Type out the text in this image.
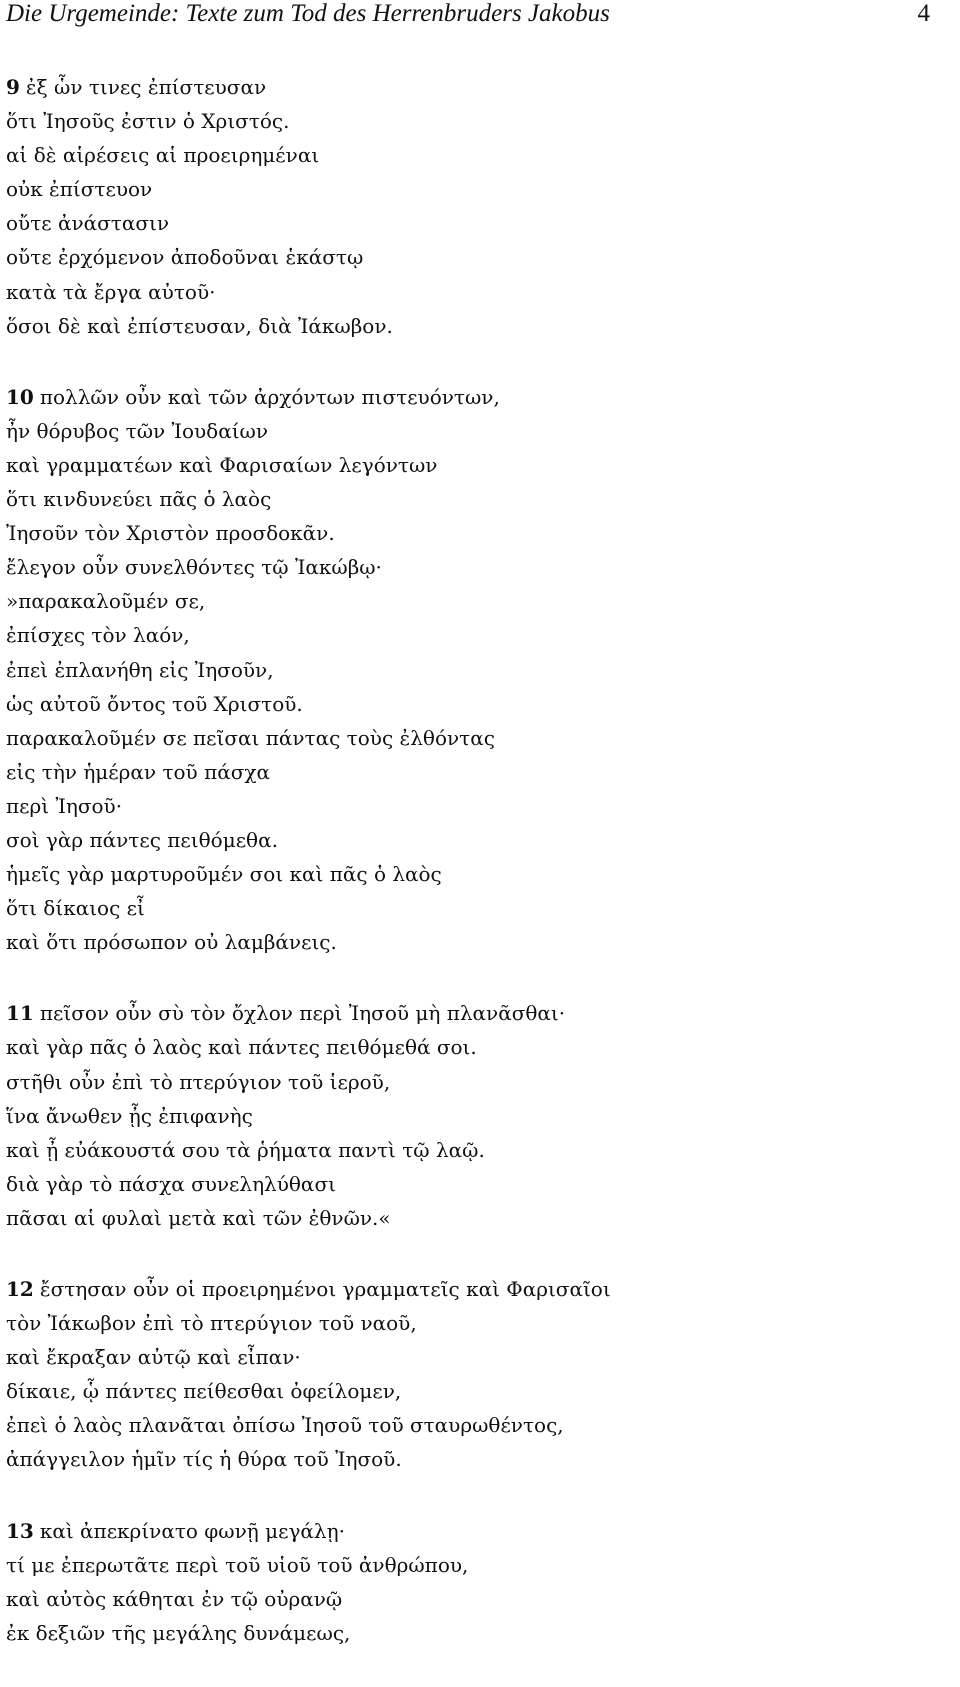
Die Urgemeinde: Texte zum Tod des Herrenbruders Jakobus	4
9 ἐξ ὧν τινες ἐπίστευσαν
ὅτι Ἰησοῦς ἐστιν ὁ Χριστός.
αἱ δὲ αἱρέσεις αἱ προειρημέναι
οὐκ ἐπίστευον
οὔτε ἀνάστασιν
οὔτε ἐρχόμενον ἀποδοῦναι ἑκάστῳ
κατὰ τὰ ἔργα αὐτοῦ·
ὅσοι δὲ καὶ ἐπίστευσαν, διὰ Ἰάκωβον.
10 πολλῶν οὖν καὶ τῶν ἀρχόντων πιστευόντων,
ἦν θόρυβος τῶν Ἰουδαίων
καὶ γραμματέων καὶ Φαρισαίων λεγόντων
ὅτι κινδυνεύει πᾶς ὁ λαὸς
Ἰησοῦν τὸν Χριστὸν προσδοκᾶν.
ἔλεγον οὖν συνελθόντες τῷ Ἰακώβῳ·
»παρακαλοῦμέν σε,
ἐπίσχες τὸν λαόν,
ἐπεὶ ἐπλανήθη εἰς Ἰησοῦν,
ὡς αὐτοῦ ὄντος τοῦ Χριστοῦ.
παρακαλοῦμέν σε πεῖσαι πάντας τοὺς ἐλθόντας
εἰς τὴν ἡμέραν τοῦ πάσχα
περὶ Ἰησοῦ·
σοὶ γὰρ πάντες πειθόμεθα.
ἡμεῖς γὰρ μαρτυροῦμέν σοι καὶ πᾶς ὁ λαὸς
ὅτι δίκαιος εἶ
καὶ ὅτι πρόσωπον οὐ λαμβάνεις.
11 πεῖσον οὖν σὺ τὸν ὄχλον περὶ Ἰησοῦ μὴ πλανᾶσθαι·
καὶ γὰρ πᾶς ὁ λαὸς καὶ πάντες πειθόμεθά σοι.
στῆθι οὖν ἐπὶ τὸ πτερύγιον τοῦ ἱεροῦ,
ἵνα ἄνωθεν ᾖς ἐπιφανὴς
καὶ ᾖ εὐάκουστά σου τὰ ῥήματα παντὶ τῷ λαῷ.
διὰ γὰρ τὸ πάσχα συνεληλύθασι
πᾶσαι αἱ φυλαὶ μετὰ καὶ τῶν ἐθνῶν.«
12 ἔστησαν οὖν οἱ προειρημένοι γραμματεῖς καὶ Φαρισαῖοι
τὸν Ἰάκωβον ἐπὶ τὸ πτερύγιον τοῦ ναοῦ,
καὶ ἔκραξαν αὐτῷ καὶ εἶπαν·
δίκαιε, ᾧ πάντες πείθεσθαι ὀφείλομεν,
ἐπεὶ ὁ λαὸς πλανᾶται ὀπίσω Ἰησοῦ τοῦ σταυρωθέντος,
ἀπάγγειλον ἡμῖν τίς ἡ θύρα τοῦ Ἰησοῦ.
13 καὶ ἀπεκρίνατο φωνῇ μεγάλῃ·
τί με ἐπερωτᾶτε περὶ τοῦ υἱοῦ τοῦ ἀνθρώπου,
καὶ αὐτὸς κάθηται ἐν τῷ οὐρανῷ
ἐκ δεξιῶν τῆς μεγάλης δυνάμεως,
